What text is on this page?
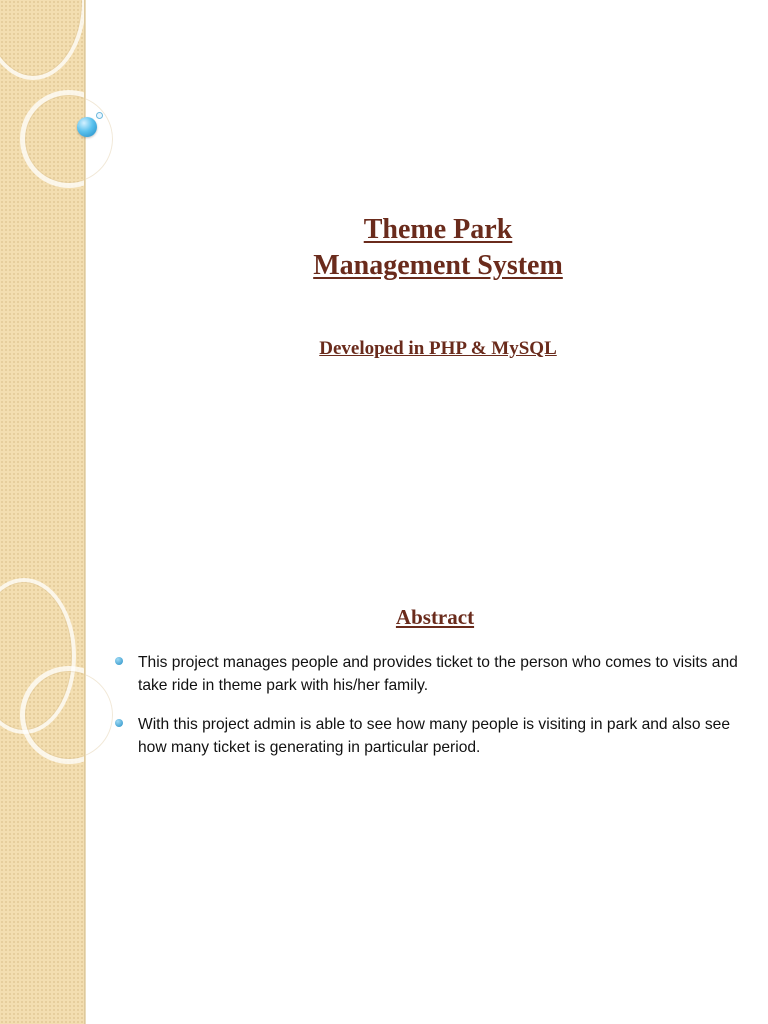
Theme Park
Management System

Developed in PHP & MySQL

Abstract
This project manages people and provides ticket to the person who comes to visits and take ride in theme park with his/her family.
With this project admin is able to see how many people is visiting in park and also see how many ticket is generating in particular period.
